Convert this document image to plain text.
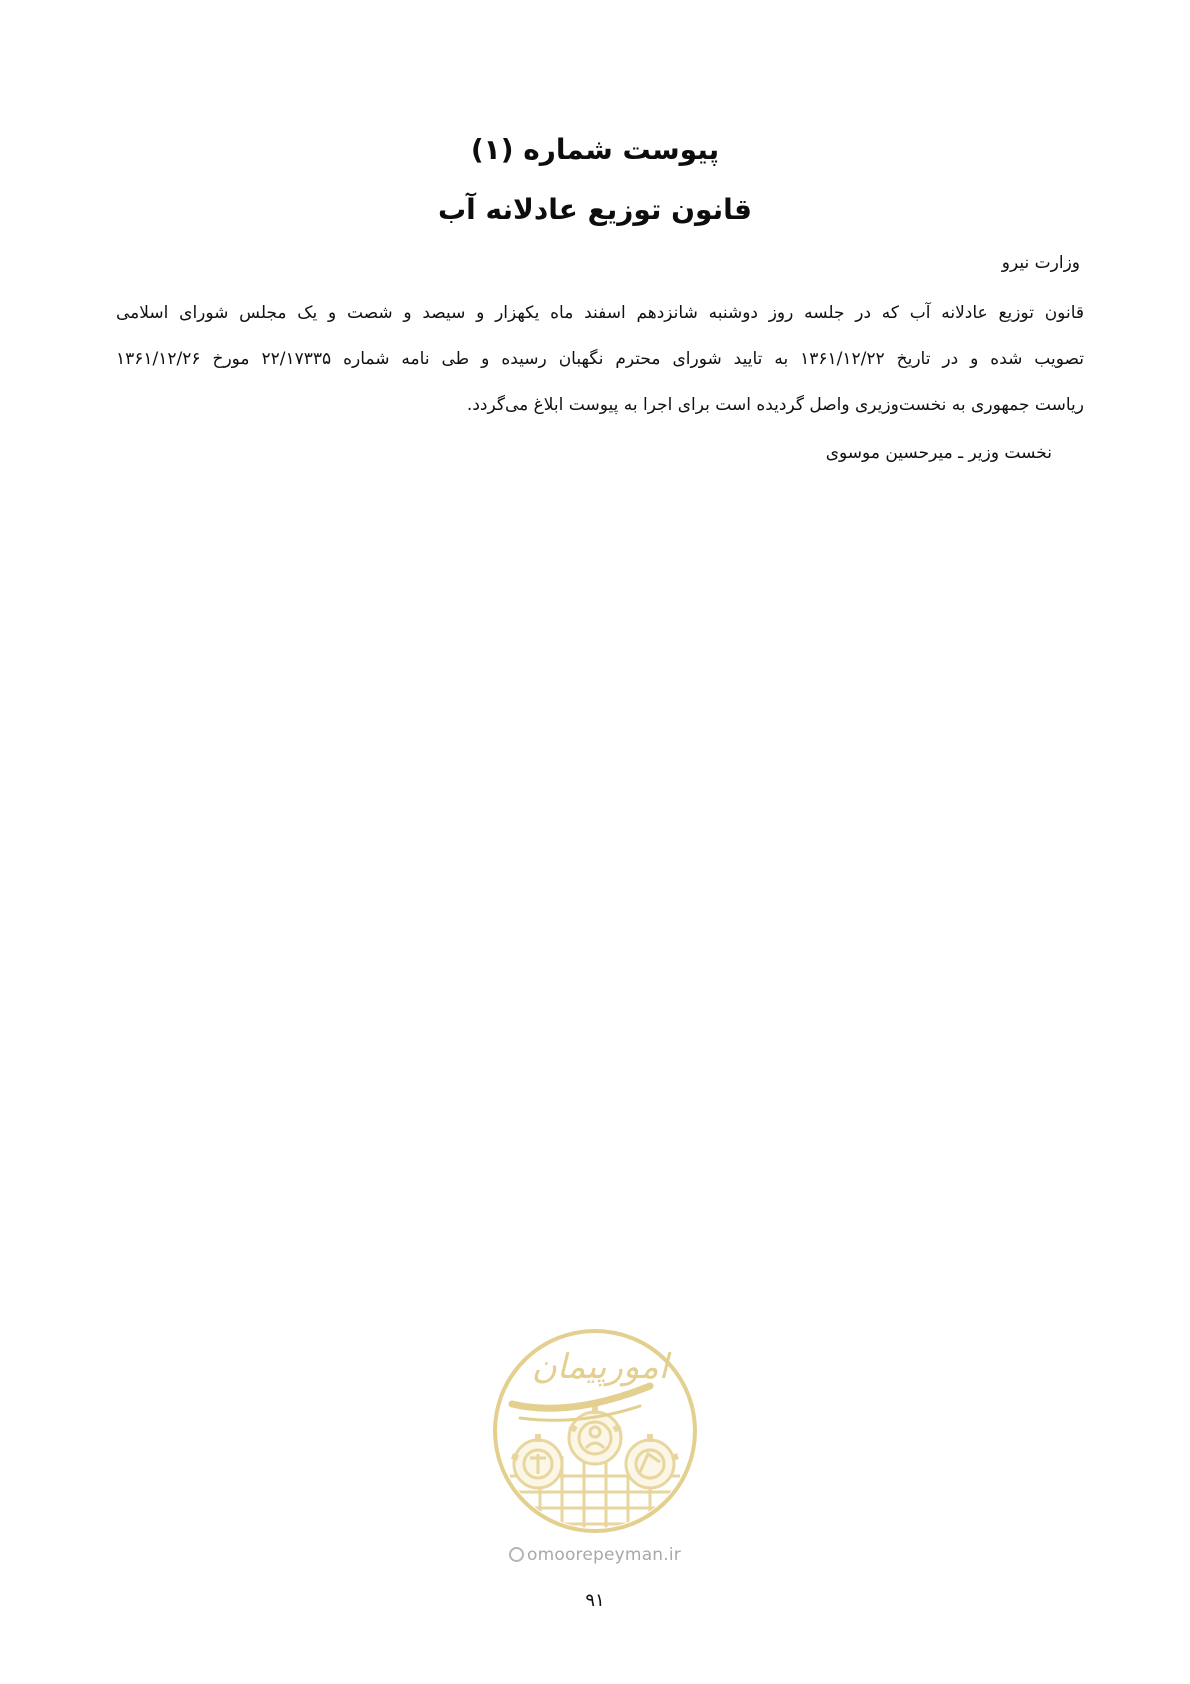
پیوست شماره (۱)
قانون توزیع عادلانه آب
وزارت نیرو
قانون توزیع عادلانه آب که در جلسه روز دوشنبه شانزدهم اسفند ماه یکهزار و سیصد و شصت و یک مجلس شورای اسلامی
تصویب شده و در تاریخ ۱۳۶۱/۱۲/۲۲ به تایید شورای محترم نگهبان رسیده و طی نامه شماره ۲۲/۱۷۳۳۵ مورخ ۱۳۶۱/۱۲/۲۶
ریاست جمهوری به نخست‌وزیری واصل گردیده است برای اجرا به پیوست ابلاغ می‌گردد.
نخست وزیر ـ میرحسین موسوی
امورپیمان
omoorepeyman.ir
۹۱
